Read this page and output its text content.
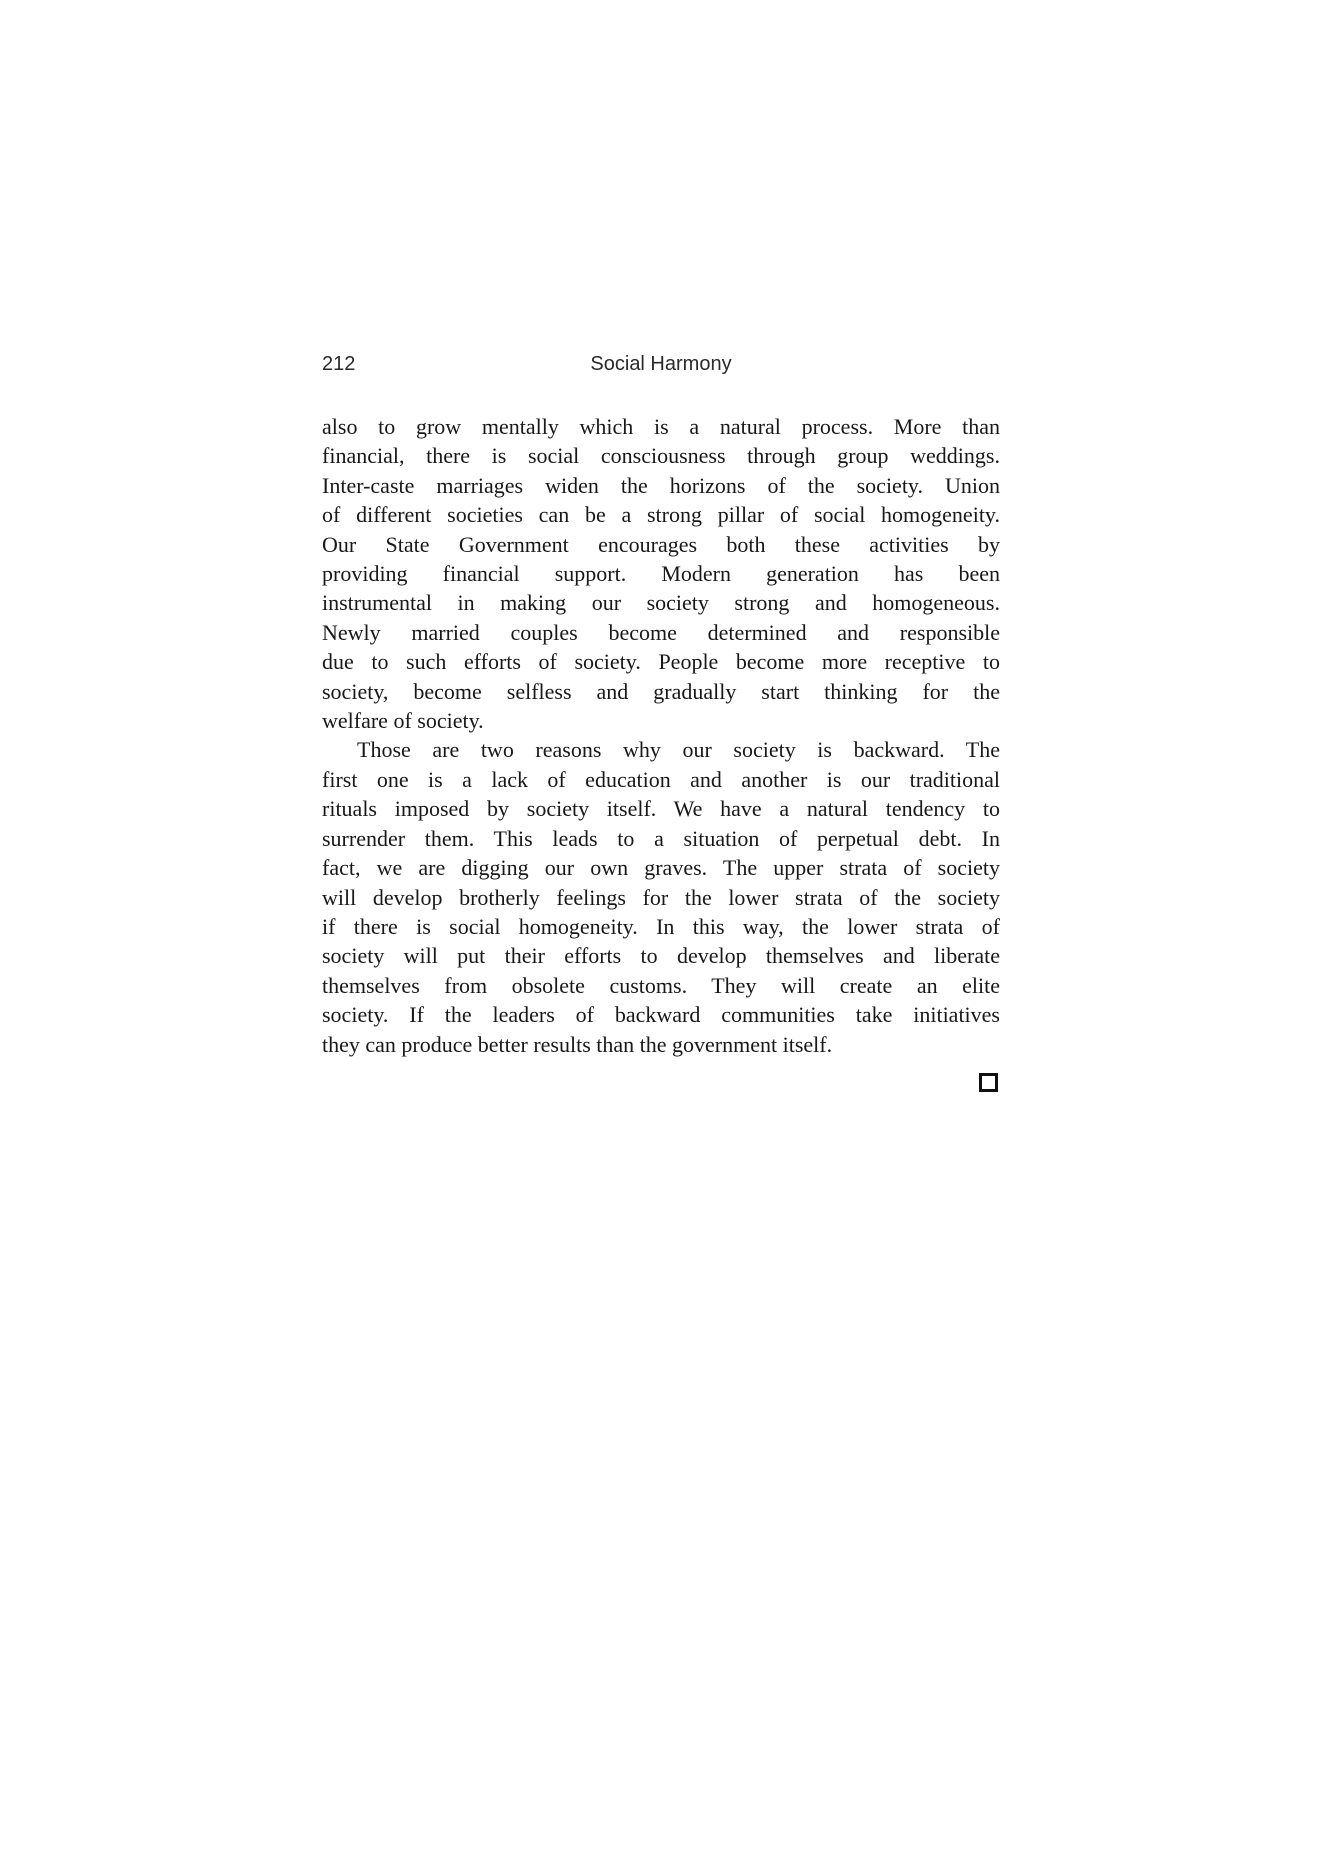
212	Social Harmony
also to grow mentally which is a natural process. More than
financial, there is social consciousness through group weddings.
Inter-caste marriages widen the horizons of the society. Union
of different societies can be a strong pillar of social homogeneity.
Our State Government encourages both these activities by
providing financial support. Modern generation has been
instrumental in making our society strong and homogeneous.
Newly married couples become determined and responsible
due to such efforts of society. People become more receptive to
society, become selfless and gradually start thinking for the
welfare of society.
Those are two reasons why our society is backward. The
first one is a lack of education and another is our traditional
rituals imposed by society itself. We have a natural tendency to
surrender them. This leads to a situation of perpetual debt. In
fact, we are digging our own graves. The upper strata of society
will develop brotherly feelings for the lower strata of the society
if there is social homogeneity. In this way, the lower strata of
society will put their efforts to develop themselves and liberate
themselves from obsolete customs. They will create an elite
society. If the leaders of backward communities take initiatives
they can produce better results than the government itself.
